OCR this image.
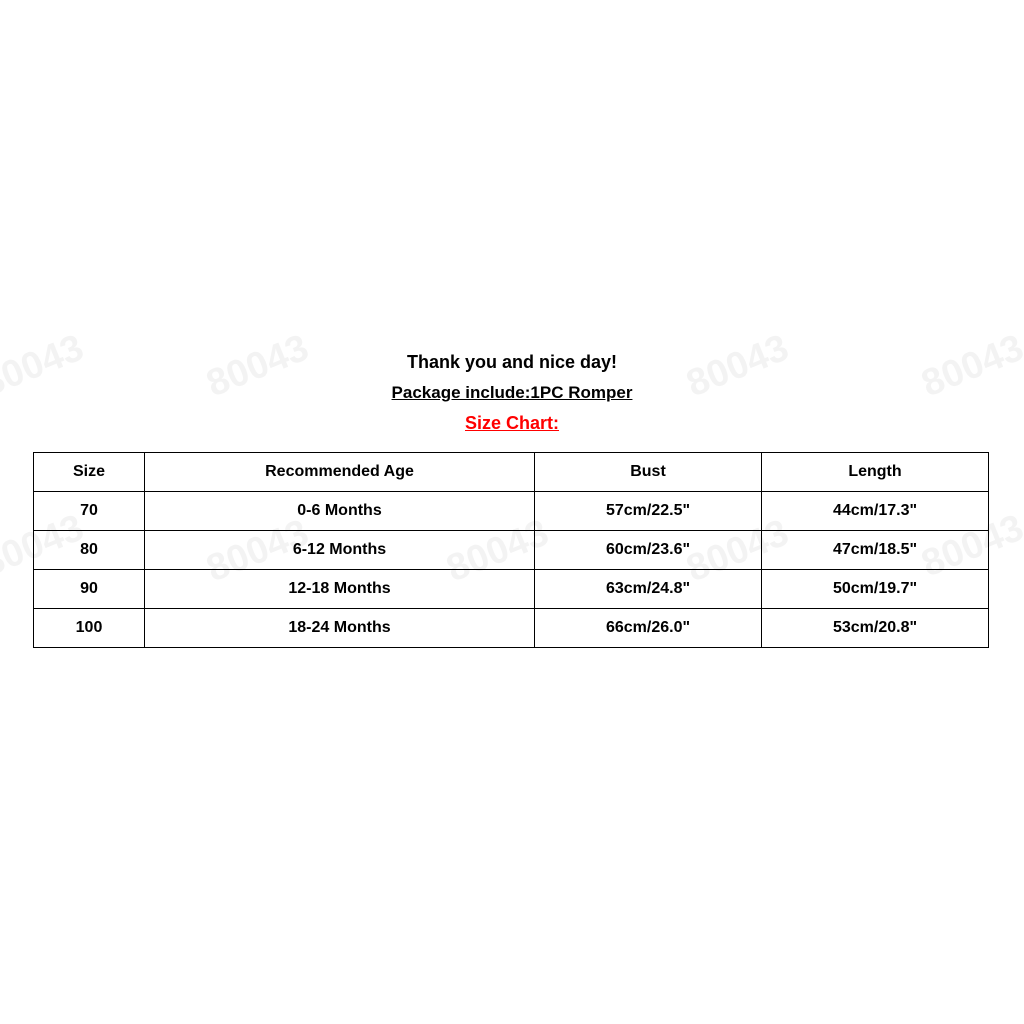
Thank you and nice day!
Package include:1PC Romper
Size Chart:
Size	Recommended Age	Bust	Length
70	0-6 Months	57cm/22.5"	44cm/17.3"
80	6-12 Months	60cm/23.6"	47cm/18.5"
90	12-18 Months	63cm/24.8"	50cm/19.7"
100	18-24 Months	66cm/26.0"	53cm/20.8"
